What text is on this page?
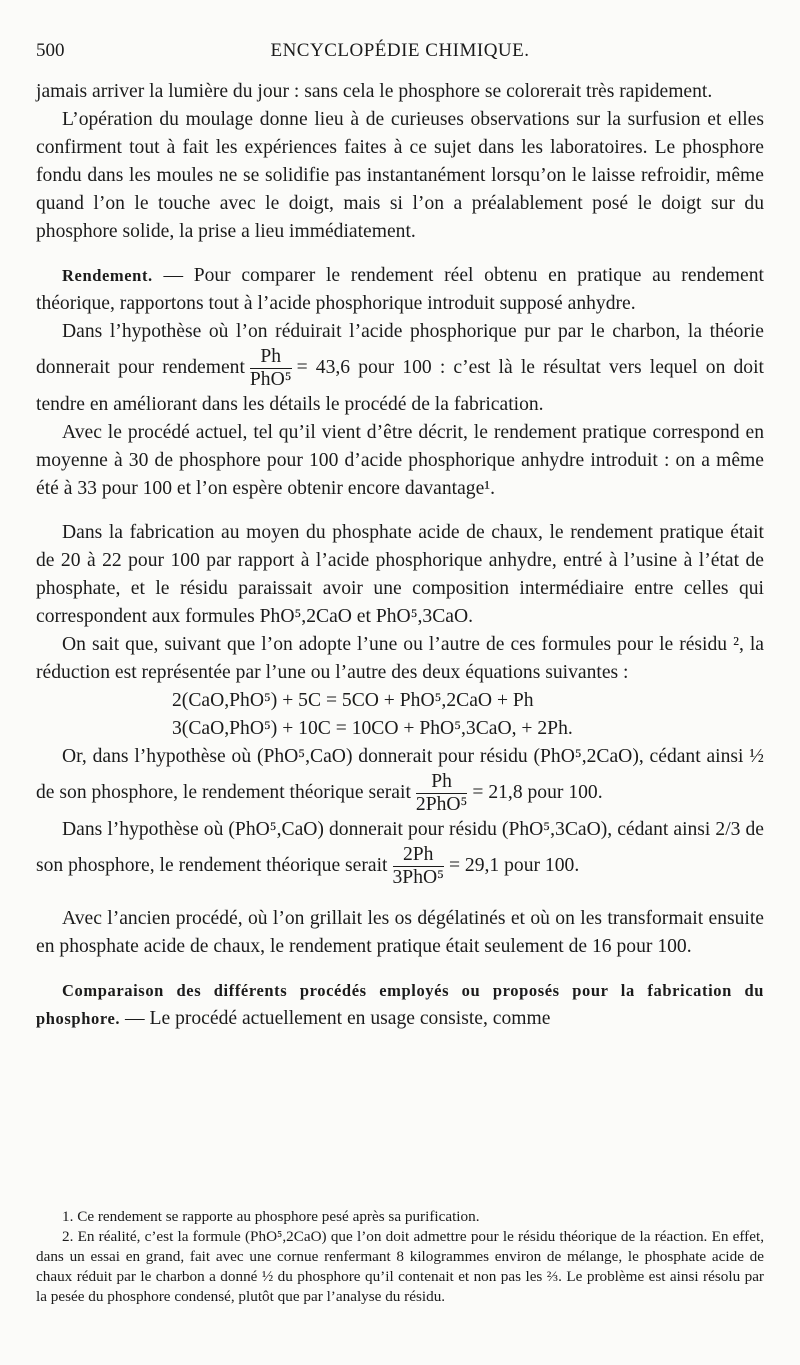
500	ENCYCLOPÉDIE CHIMIQUE.

jamais arriver la lumière du jour : sans cela le phosphore se colorerait très rapidement.

L’opération du moulage donne lieu à de curieuses observations sur la surfusion et elles confirment tout à fait les expériences faites à ce sujet dans les laboratoires. Le phosphore fondu dans les moules ne se solidifie pas instantanément lorsqu’on le laisse refroidir, même quand l’on le touche avec le doigt, mais si l’on a préalablement posé le doigt sur du phosphore solide, la prise a lieu immédiatement.

Rendement. — Pour comparer le rendement réel obtenu en pratique au rendement théorique, rapportons tout à l’acide phosphorique introduit supposé anhydre.

Dans l’hypothèse où l’on réduirait l’acide phosphorique pur par le charbon, la théorie donnerait pour rendement $\frac{Ph}{\text{PhO⁵}} = 43,6$ pour 100 : c’est là le résultat vers lequel on doit tendre en améliorant dans les détails le procédé de la fabrication.

Avec le procédé actuel, tel qu’il vient d’être décrit, le rendement pratique correspond en moyenne à 30 de phosphore pour 100 d’acide phosphorique anhydre introduit : on a même été à 33 pour 100 et l’on espère obtenir encore davantage¹.

Dans la fabrication au moyen du phosphate acide de chaux, le rendement pratique était de 20 à 22 pour 100 par rapport à l’acide phosphorique anhydre, entré à l’usine à l’état de phosphate, et le résidu paraissait avoir une composition intermédiaire entre celles qui correspondent aux formules PhO⁵,2CaO et PhO⁵,3CaO.

On sait que, suivant que l’on adopte l’une ou l’autre de ces formules pour le résidu ², la réduction est représentée par l’une ou l’autre des deux équations suivantes :

2(CaO,PhO⁵) + 5C = 5CO + PhO⁵,2CaO + Ph

3(CaO,PhO⁵) + 10C = 10CO + PhO⁵,3CaO, + 2Ph.

Or, dans l’hypothèse où (PhO⁵,CaO) donnerait pour résidu (PhO⁵,2CaO), cédant ainsi ½ de son phosphore, le rendement théorique serait $\frac{Ph}{\text{2PhO⁵}} = 21,8$ pour 100.

Dans l’hypothèse où (PhO⁵,CaO) donnerait pour résidu (PhO⁵,3CaO), cédant ainsi 2/3 de son phosphore, le rendement théorique serait $\frac{2Ph}{\text{3PhO⁵}} = 29,1$ pour 100.

Avec l’ancien procédé, où l’on grillait les os dégélatinés et où on les transformait ensuite en phosphate acide de chaux, le rendement pratique était seulement de 16 pour 100.

Comparaison des différents procédés employés ou proposés pour la fabrication du phosphore. — Le procédé actuellement en usage consiste, comme

1. Ce rendement se rapporte au phosphore pesé après sa purification.

2. En réalité, c’est la formule (PhO⁵,2CaO) que l’on doit admettre pour le résidu théorique de la réaction. En effet, dans un essai en grand, fait avec une cornue renfermant 8 kilogrammes environ de mélange, le phosphate acide de chaux réduit par le charbon a donné ½ du phosphore qu’il contenait et non pas les ⅔. Le problème est ainsi résolu par la pesée du phosphore condensé, plutôt que par l’analyse du résidu.
